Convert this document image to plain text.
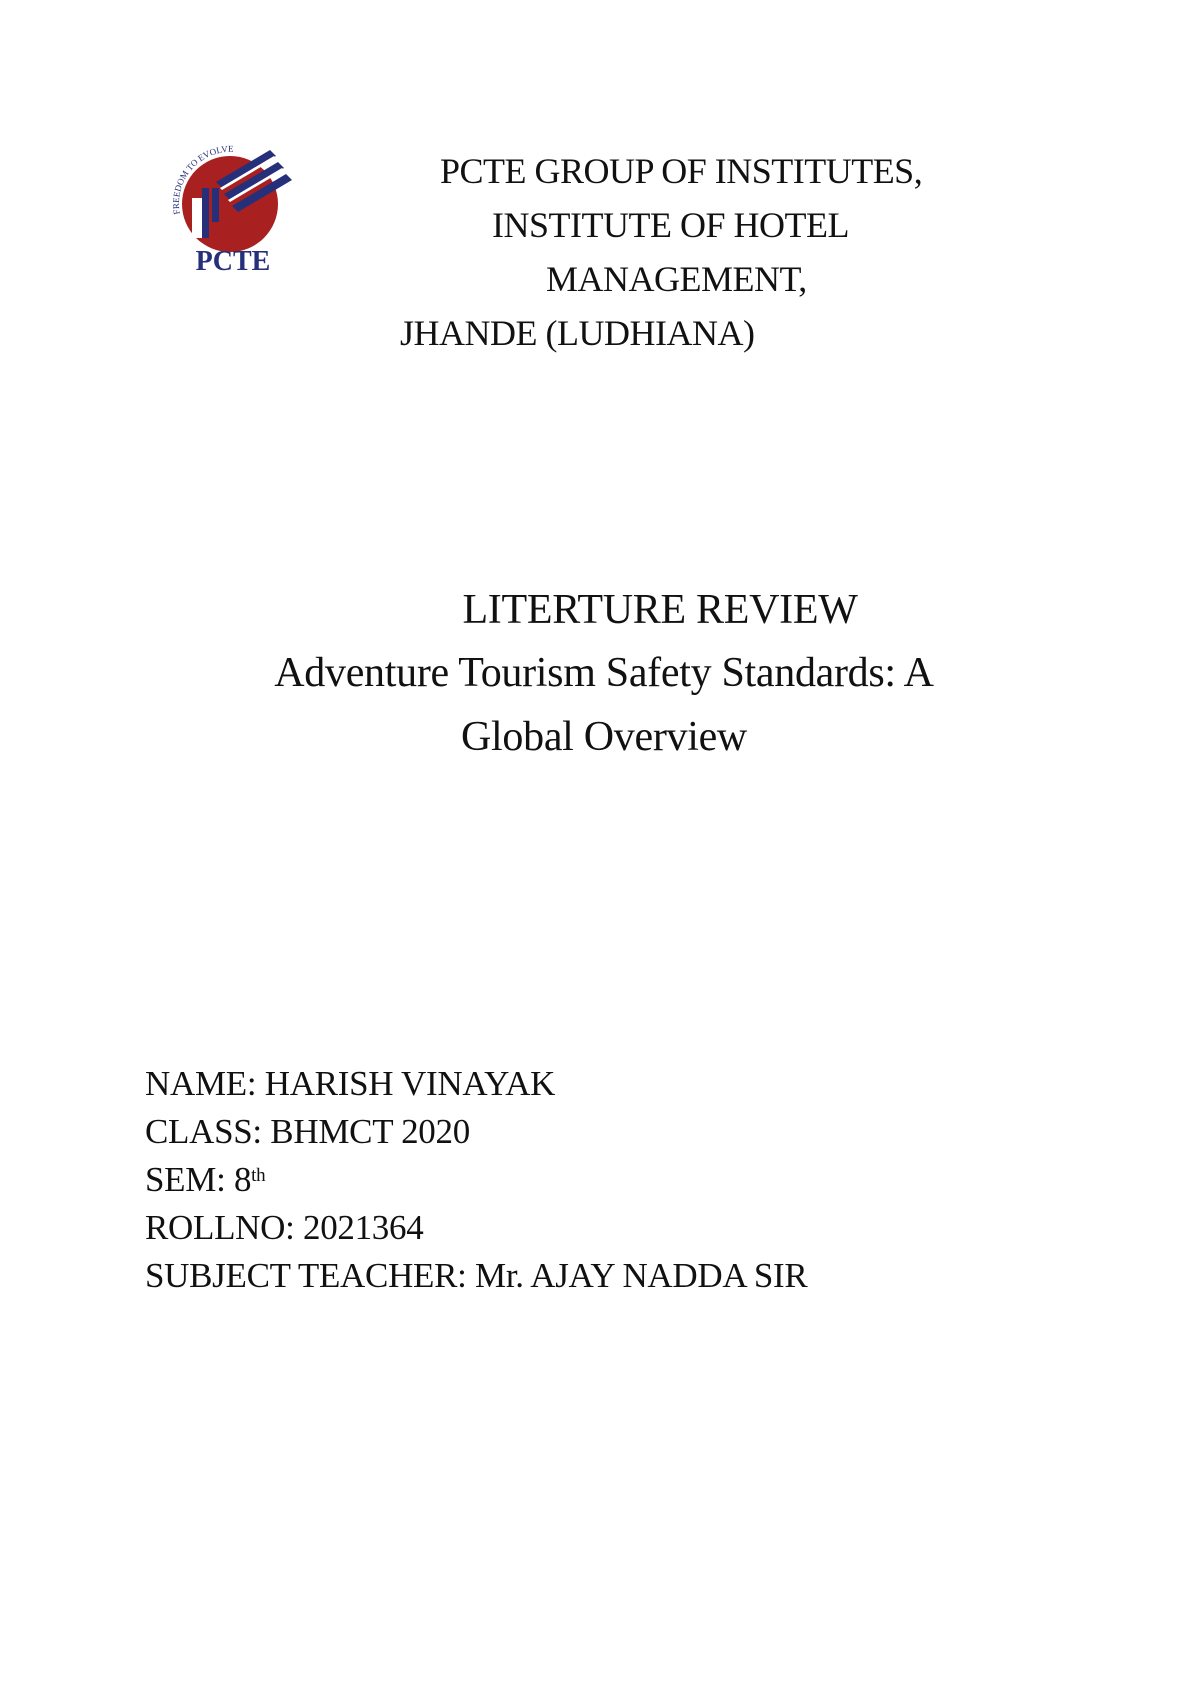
FREEDOM TO EVOLVE
PCTE
PCTE GROUP OF INSTITUTES,
INSTITUTE OF HOTEL
MANAGEMENT,
JHANDE (LUDHIANA)
LITERTURE REVIEW
Adventure Tourism Safety Standards: A
Global Overview
NAME: HARISH VINAYAK
CLASS: BHMCT 2020
SEM: 8th
ROLLNO: 2021364
SUBJECT TEACHER: Mr. AJAY NADDA SIR
